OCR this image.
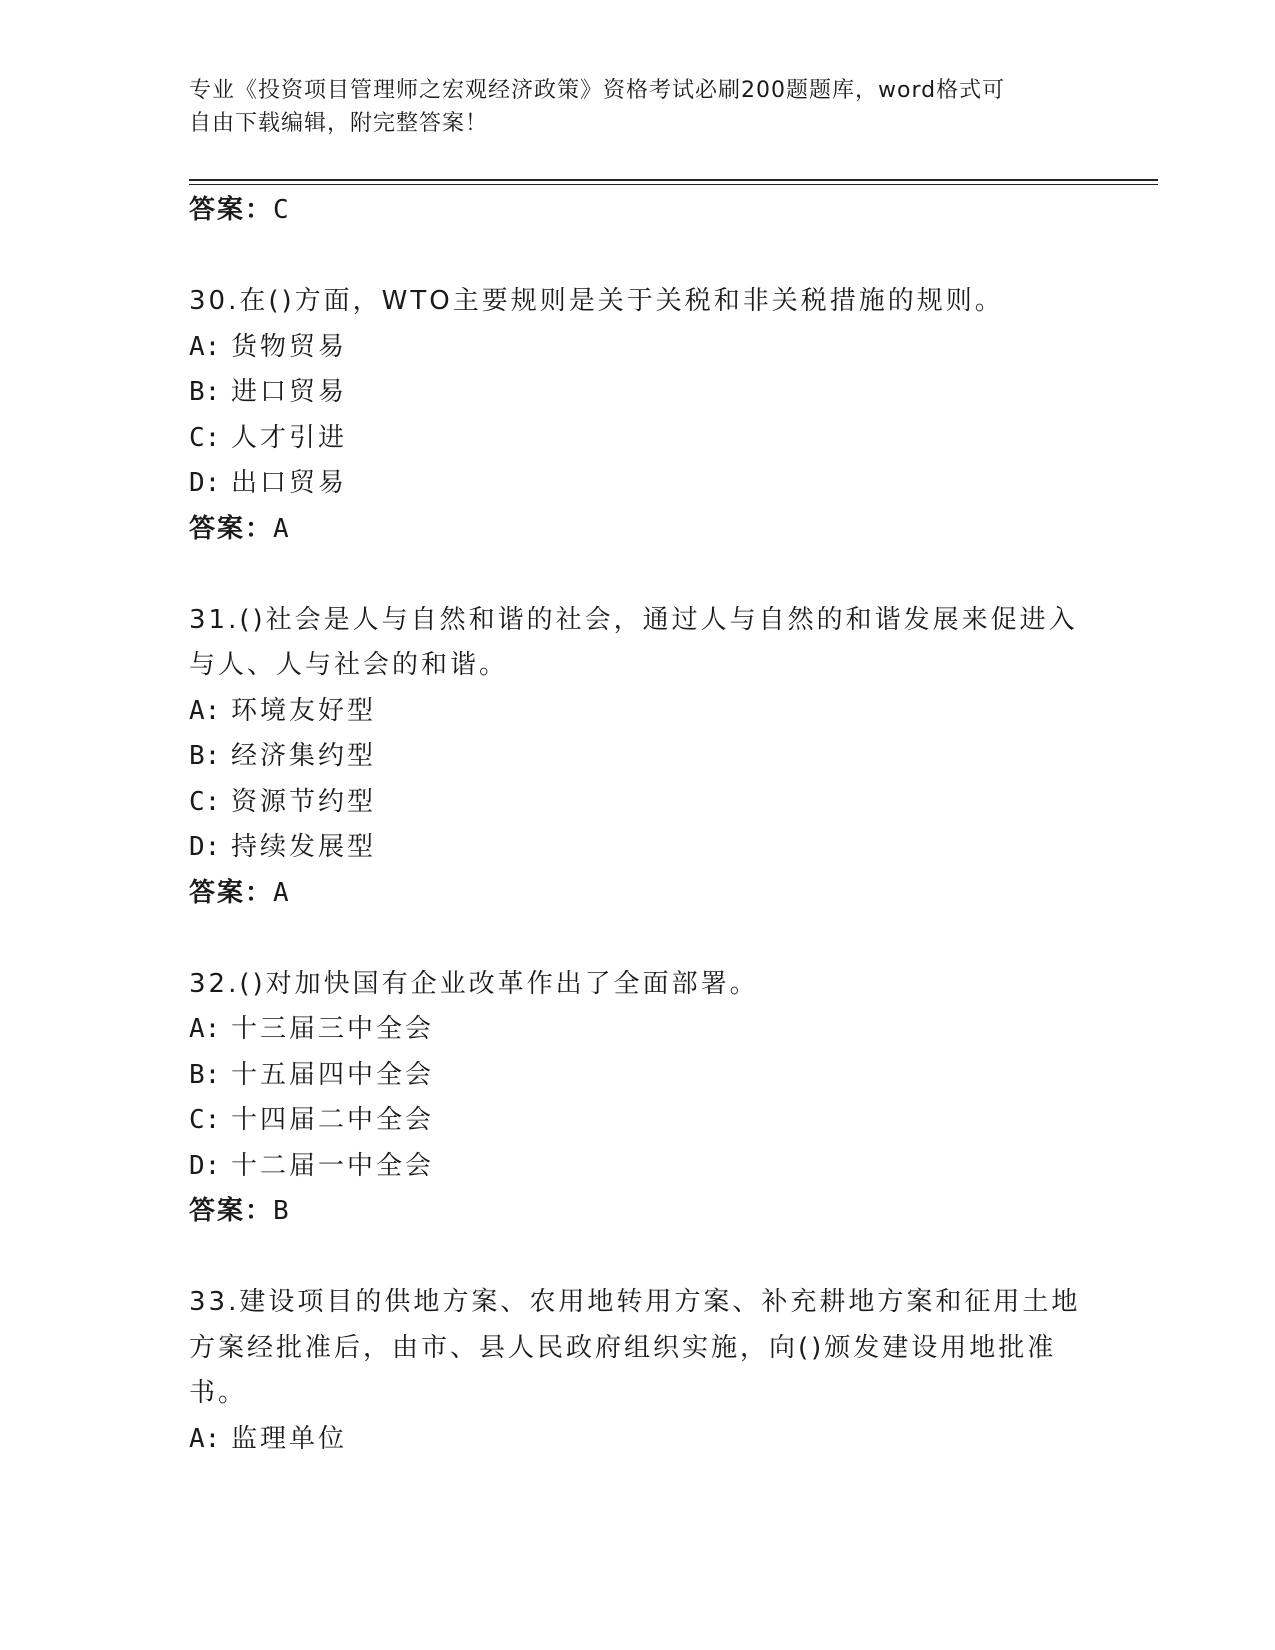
专业《投资项目管理师之宏观经济政策》资格考试必刷200题题库，word格式可
自由下载编辑，附完整答案！
答案：C
30.在()方面，WTO主要规则是关于关税和非关税措施的规则。
A: 货物贸易
B: 进口贸易
C: 人才引进
D: 出口贸易
答案：A
31.()社会是人与自然和谐的社会，通过人与自然的和谐发展来促进入
与人、人与社会的和谐。
A: 环境友好型
B: 经济集约型
C: 资源节约型
D: 持续发展型
答案：A
32.()对加快国有企业改革作出了全面部署。
A: 十三届三中全会
B: 十五届四中全会
C: 十四届二中全会
D: 十二届一中全会
答案：B
33.建设项目的供地方案、农用地转用方案、补充耕地方案和征用土地
方案经批准后，由市、县人民政府组织实施，向()颁发建设用地批准
书。
A: 监理单位
